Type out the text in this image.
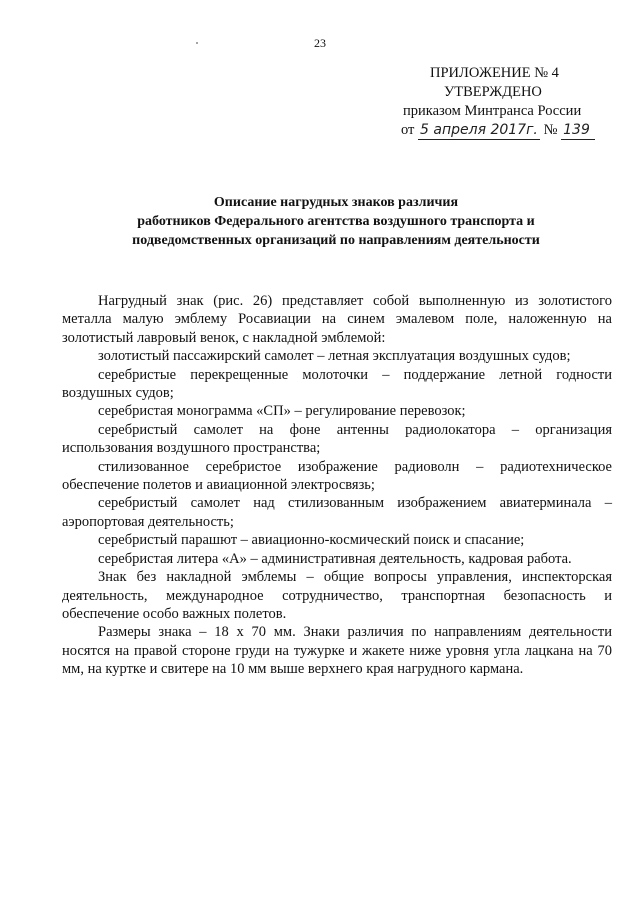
23
ПРИЛОЖЕНИЕ № 4
УТВЕРЖДЕНО
приказом Минтранса России
от 5 апреля 2017г. № 139
Описание нагрудных знаков различия
работников Федерального агентства воздушного транспорта и
подведомственных организаций по направлениям деятельности

Нагрудный знак (рис. 26) представляет собой выполненную из золотистого металла малую эмблему Росавиации на синем эмалевом поле, наложенную на золотистый лавровый венок, с накладной эмблемой:

золотистый пассажирский самолет – летная эксплуатация воздушных судов;

серебристые перекрещенные молоточки – поддержание летной годности воздушных судов;

серебристая монограмма «СП» – регулирование перевозок;

серебристый самолет на фоне антенны радиолокатора – организация использования воздушного пространства;

стилизованное серебристое изображение радиоволн – радиотехническое обеспечение полетов и авиационной электросвязь;

серебристый самолет над стилизованным изображением авиатерминала – аэропортовая деятельность;

серебристый парашют – авиационно-космический поиск и спасание;

серебристая литера «А» – административная деятельность, кадровая работа.

Знак без накладной эмблемы – общие вопросы управления, инспекторская деятельность, международное сотрудничество, транспортная безопасность и обеспечение особо важных полетов.

Размеры знака – 18 х 70 мм. Знаки различия по направлениям деятельности носятся на правой стороне груди на тужурке и жакете ниже уровня угла лацкана на 70 мм, на куртке и свитере на 10 мм выше верхнего края нагрудного кармана.
